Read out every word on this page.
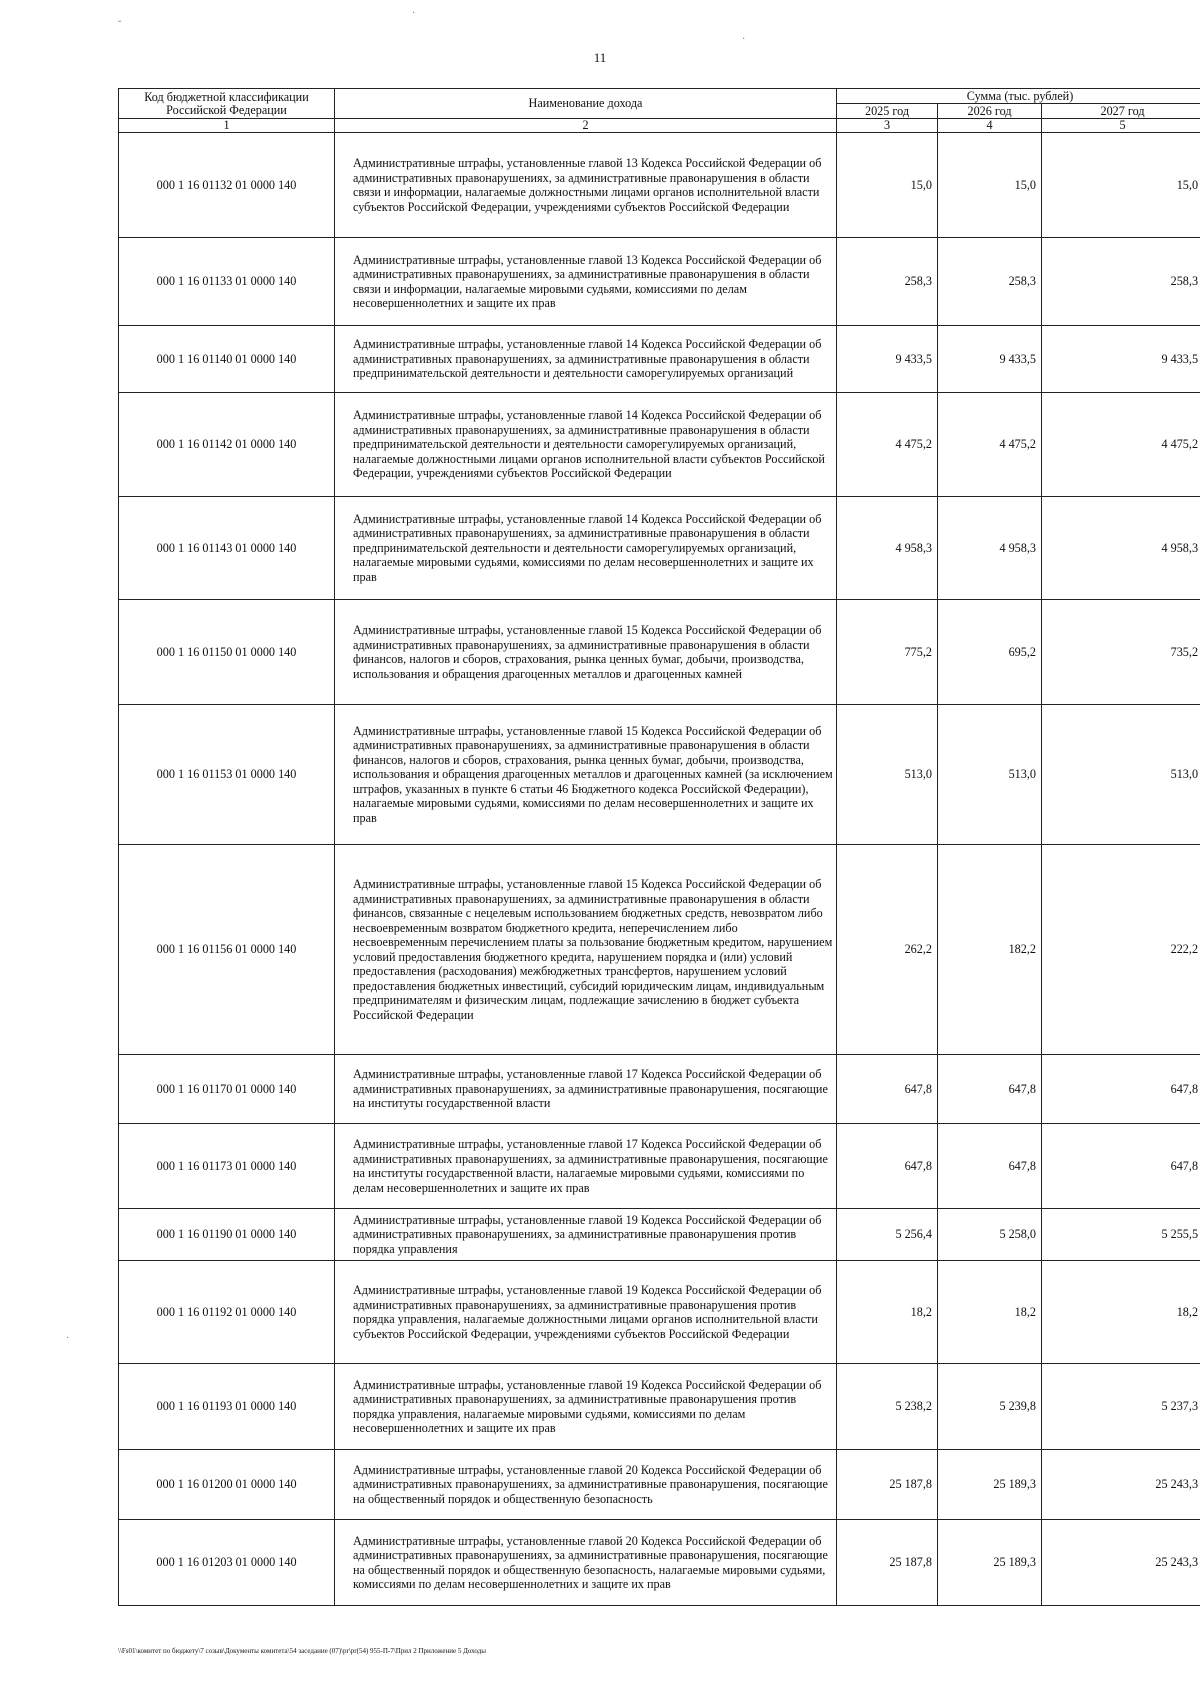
11
ˇ
·
·
·
Код бюджетной классификации Российской Федерации	Наименование дохода	Сумма (тыс. рублей)		
		2025 год	2026 год	2027 год
1	2	3	4	5
000 1 16 01132 01 0000 140	Административные штрафы, установленные главой 13 Кодекса Российской Федерации об административных правонарушениях, за административные правонарушения в области связи и информации, налагаемые должностными лицами органов исполнительной власти субъектов Российской Федерации, учреждениями субъектов Российской Федерации	15,0	15,0	15,0
000 1 16 01133 01 0000 140	Административные штрафы, установленные главой 13 Кодекса Российской Федерации об административных правонарушениях, за административные правонарушения в области связи и информации, налагаемые мировыми судьями, комиссиями по делам несовершеннолетних и защите их прав	258,3	258,3	258,3
000 1 16 01140 01 0000 140	Административные штрафы, установленные главой 14 Кодекса Российской Федерации об административных правонарушениях, за административные правонарушения в области предпринимательской деятельности и деятельности саморегулируемых организаций	9 433,5	9 433,5	9 433,5
000 1 16 01142 01 0000 140	Административные штрафы, установленные главой 14 Кодекса Российской Федерации об административных правонарушениях, за административные правонарушения в области предпринимательской деятельности и деятельности саморегулируемых организаций, налагаемые должностными лицами органов исполнительной власти субъектов Российской Федерации, учреждениями субъектов Российской Федерации	4 475,2	4 475,2	4 475,2
000 1 16 01143 01 0000 140	Административные штрафы, установленные главой 14 Кодекса Российской Федерации об административных правонарушениях, за административные правонарушения в области предпринимательской деятельности и деятельности саморегулируемых организаций, налагаемые мировыми судьями, комиссиями по делам несовершеннолетних и защите их прав	4 958,3	4 958,3	4 958,3
000 1 16 01150 01 0000 140	Административные штрафы, установленные главой 15 Кодекса Российской Федерации об административных правонарушениях, за административные правонарушения в области финансов, налогов и сборов, страхования, рынка ценных бумаг, добычи, производства, использования и обращения драгоценных металлов и драгоценных камней	775,2	695,2	735,2
000 1 16 01153 01 0000 140	Административные штрафы, установленные главой 15 Кодекса Российской Федерации об административных правонарушениях, за административные правонарушения в области финансов, налогов и сборов, страхования, рынка ценных бумаг, добычи, производства, использования и обращения драгоценных металлов и драгоценных камней (за исключением штрафов, указанных в пункте 6 статьи 46 Бюджетного кодекса Российской Федерации), налагаемые мировыми судьями, комиссиями по делам несовершеннолетних и защите их прав	513,0	513,0	513,0
000 1 16 01156 01 0000 140	Административные штрафы, установленные главой 15 Кодекса Российской Федерации об административных правонарушениях, за административные правонарушения в области финансов, связанные с нецелевым использованием бюджетных средств, невозвратом либо несвоевременным возвратом бюджетного кредита, неперечислением либо несвоевременным перечислением платы за пользование бюджетным кредитом, нарушением условий предоставления бюджетного кредита, нарушением порядка и (или) условий предоставления (расходования) межбюджетных трансфертов, нарушением условий предоставления бюджетных инвестиций, субсидий юридическим лицам, индивидуальным предпринимателям и физическим лицам, подлежащие зачислению в бюджет субъекта Российской Федерации	262,2	182,2	222,2
000 1 16 01170 01 0000 140	Административные штрафы, установленные главой 17 Кодекса Российской Федерации об административных правонарушениях, за административные правонарушения, посягающие на институты государственной власти	647,8	647,8	647,8
000 1 16 01173 01 0000 140	Административные штрафы, установленные главой 17 Кодекса Российской Федерации об административных правонарушениях, за административные правонарушения, посягающие на институты государственной власти, налагаемые мировыми судьями, комиссиями по делам несовершеннолетних и защите их прав	647,8	647,8	647,8
000 1 16 01190 01 0000 140	Административные штрафы, установленные главой 19 Кодекса Российской Федерации об административных правонарушениях, за административные правонарушения против порядка управления	5 256,4	5 258,0	5 255,5
000 1 16 01192 01 0000 140	Административные штрафы, установленные главой 19 Кодекса Российской Федерации об административных правонарушениях, за административные правонарушения против порядка управления, налагаемые должностными лицами органов исполнительной власти субъектов Российской Федерации, учреждениями субъектов Российской Федерации	18,2	18,2	18,2
000 1 16 01193 01 0000 140	Административные штрафы, установленные главой 19 Кодекса Российской Федерации об административных правонарушениях, за административные правонарушения против порядка управления, налагаемые мировыми судьями, комиссиями по делам несовершеннолетних и защите их прав	5 238,2	5 239,8	5 237,3
000 1 16 01200 01 0000 140	Административные штрафы, установленные главой 20 Кодекса Российской Федерации об административных правонарушениях, за административные правонарушения, посягающие на общественный порядок и общественную безопасность	25 187,8	25 189,3	25 243,3
000 1 16 01203 01 0000 140	Административные штрафы, установленные главой 20 Кодекса Российской Федерации об административных правонарушениях, за административные правонарушения, посягающие на общественный порядок и общественную безопасность, налагаемые мировыми судьями, комиссиями по делам несовершеннолетних и защите их прав	25 187,8	25 189,3	25 243,3
\\Fs01\комитет по бюджету\7 созыв\Документы комитета\54 заседание (07)\pr\pr(54) 955-П-7\Прил 2 Приложение 5 Доходы
